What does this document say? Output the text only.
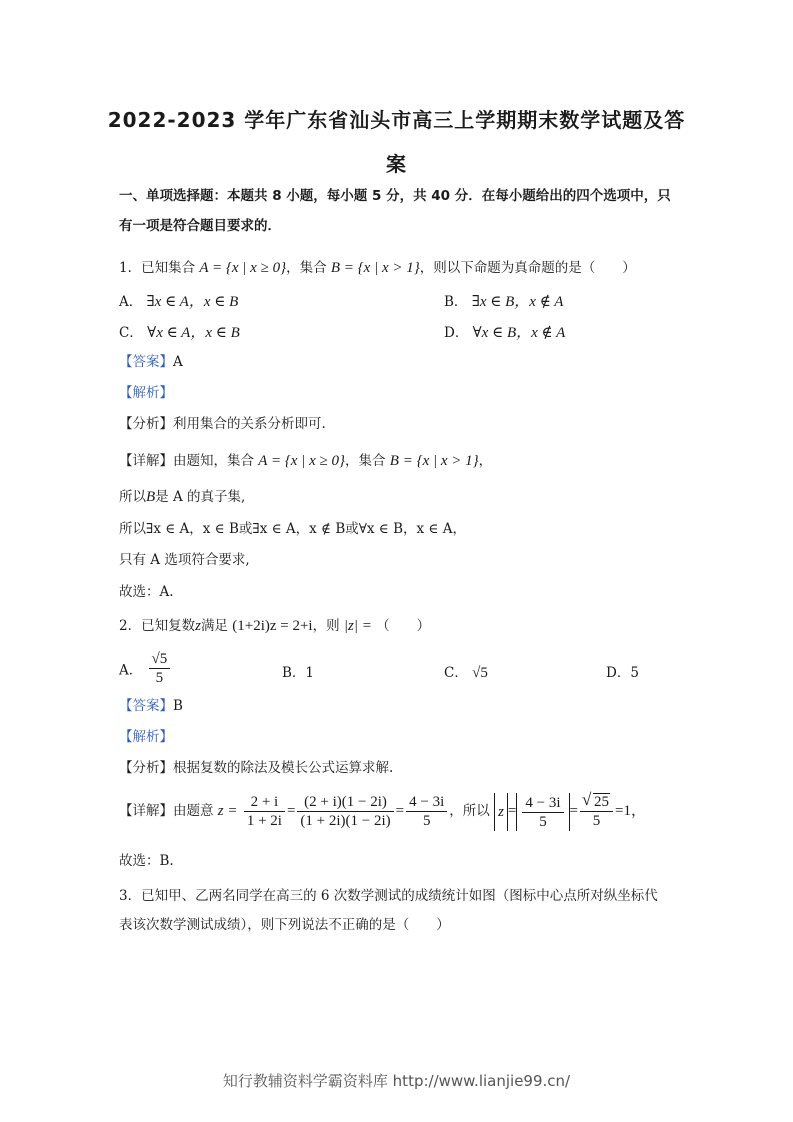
2022-2023 学年广东省汕头市高三上学期期末数学试题及答
案
一、单项选择题：本题共 8 小题，每小题 5 分，共 40 分．在每小题给出的四个选项中，只
有一项是符合题目要求的．
1．已知集合 A = {x | x ≥ 0}，集合 B = {x | x > 1}，则以下命题为真命题的是（　　）
A． ∃x ∈ A，x ∈ B	B． ∃x ∈ B，x ∉ A
C． ∀x ∈ A，x ∈ B	D． ∀x ∈ B，x ∉ A
【答案】A
【解析】
【分析】利用集合的关系分析即可.
【详解】由题知，集合 A = {x | x ≥ 0}，集合 B = {x | x > 1}，
所以B是 A 的真子集,
所以∃x ∈ A，x ∈ B或∃x ∈ A，x ∉ B或∀x ∈ B，x ∈ A，
只有 A 选项符合要求,
故选：A.
2．已知复数z满足 (1+2i)z = 2+i，则 |z| = （　　）
A． $\frac{√5}{5}$	B．1	C． √5	D．5
【答案】B
【解析】
【分析】根据复数的除法及模长公式运算求解.
【详解】由题意 $z = \frac{2 + i}{1 + 2i} = \frac{(2 + i)(1 - 2i)}{(1 + 2i)(1 - 2i)} = \frac{4 - 3i}{5}$ ，所以 $z = \frac{4 - 3i}{5}$ =
√ $\frac{25}{5} =1$，
故选：B.
3．已知甲、乙两名同学在高三的 6 次数学测试的成绩统计如图（图标中心点所对纵坐标代
表该次数学测试成绩），则下列说法不正确的是（　　）
知行教辅资料学霸资料库 http://www.lianjie99.cn/
